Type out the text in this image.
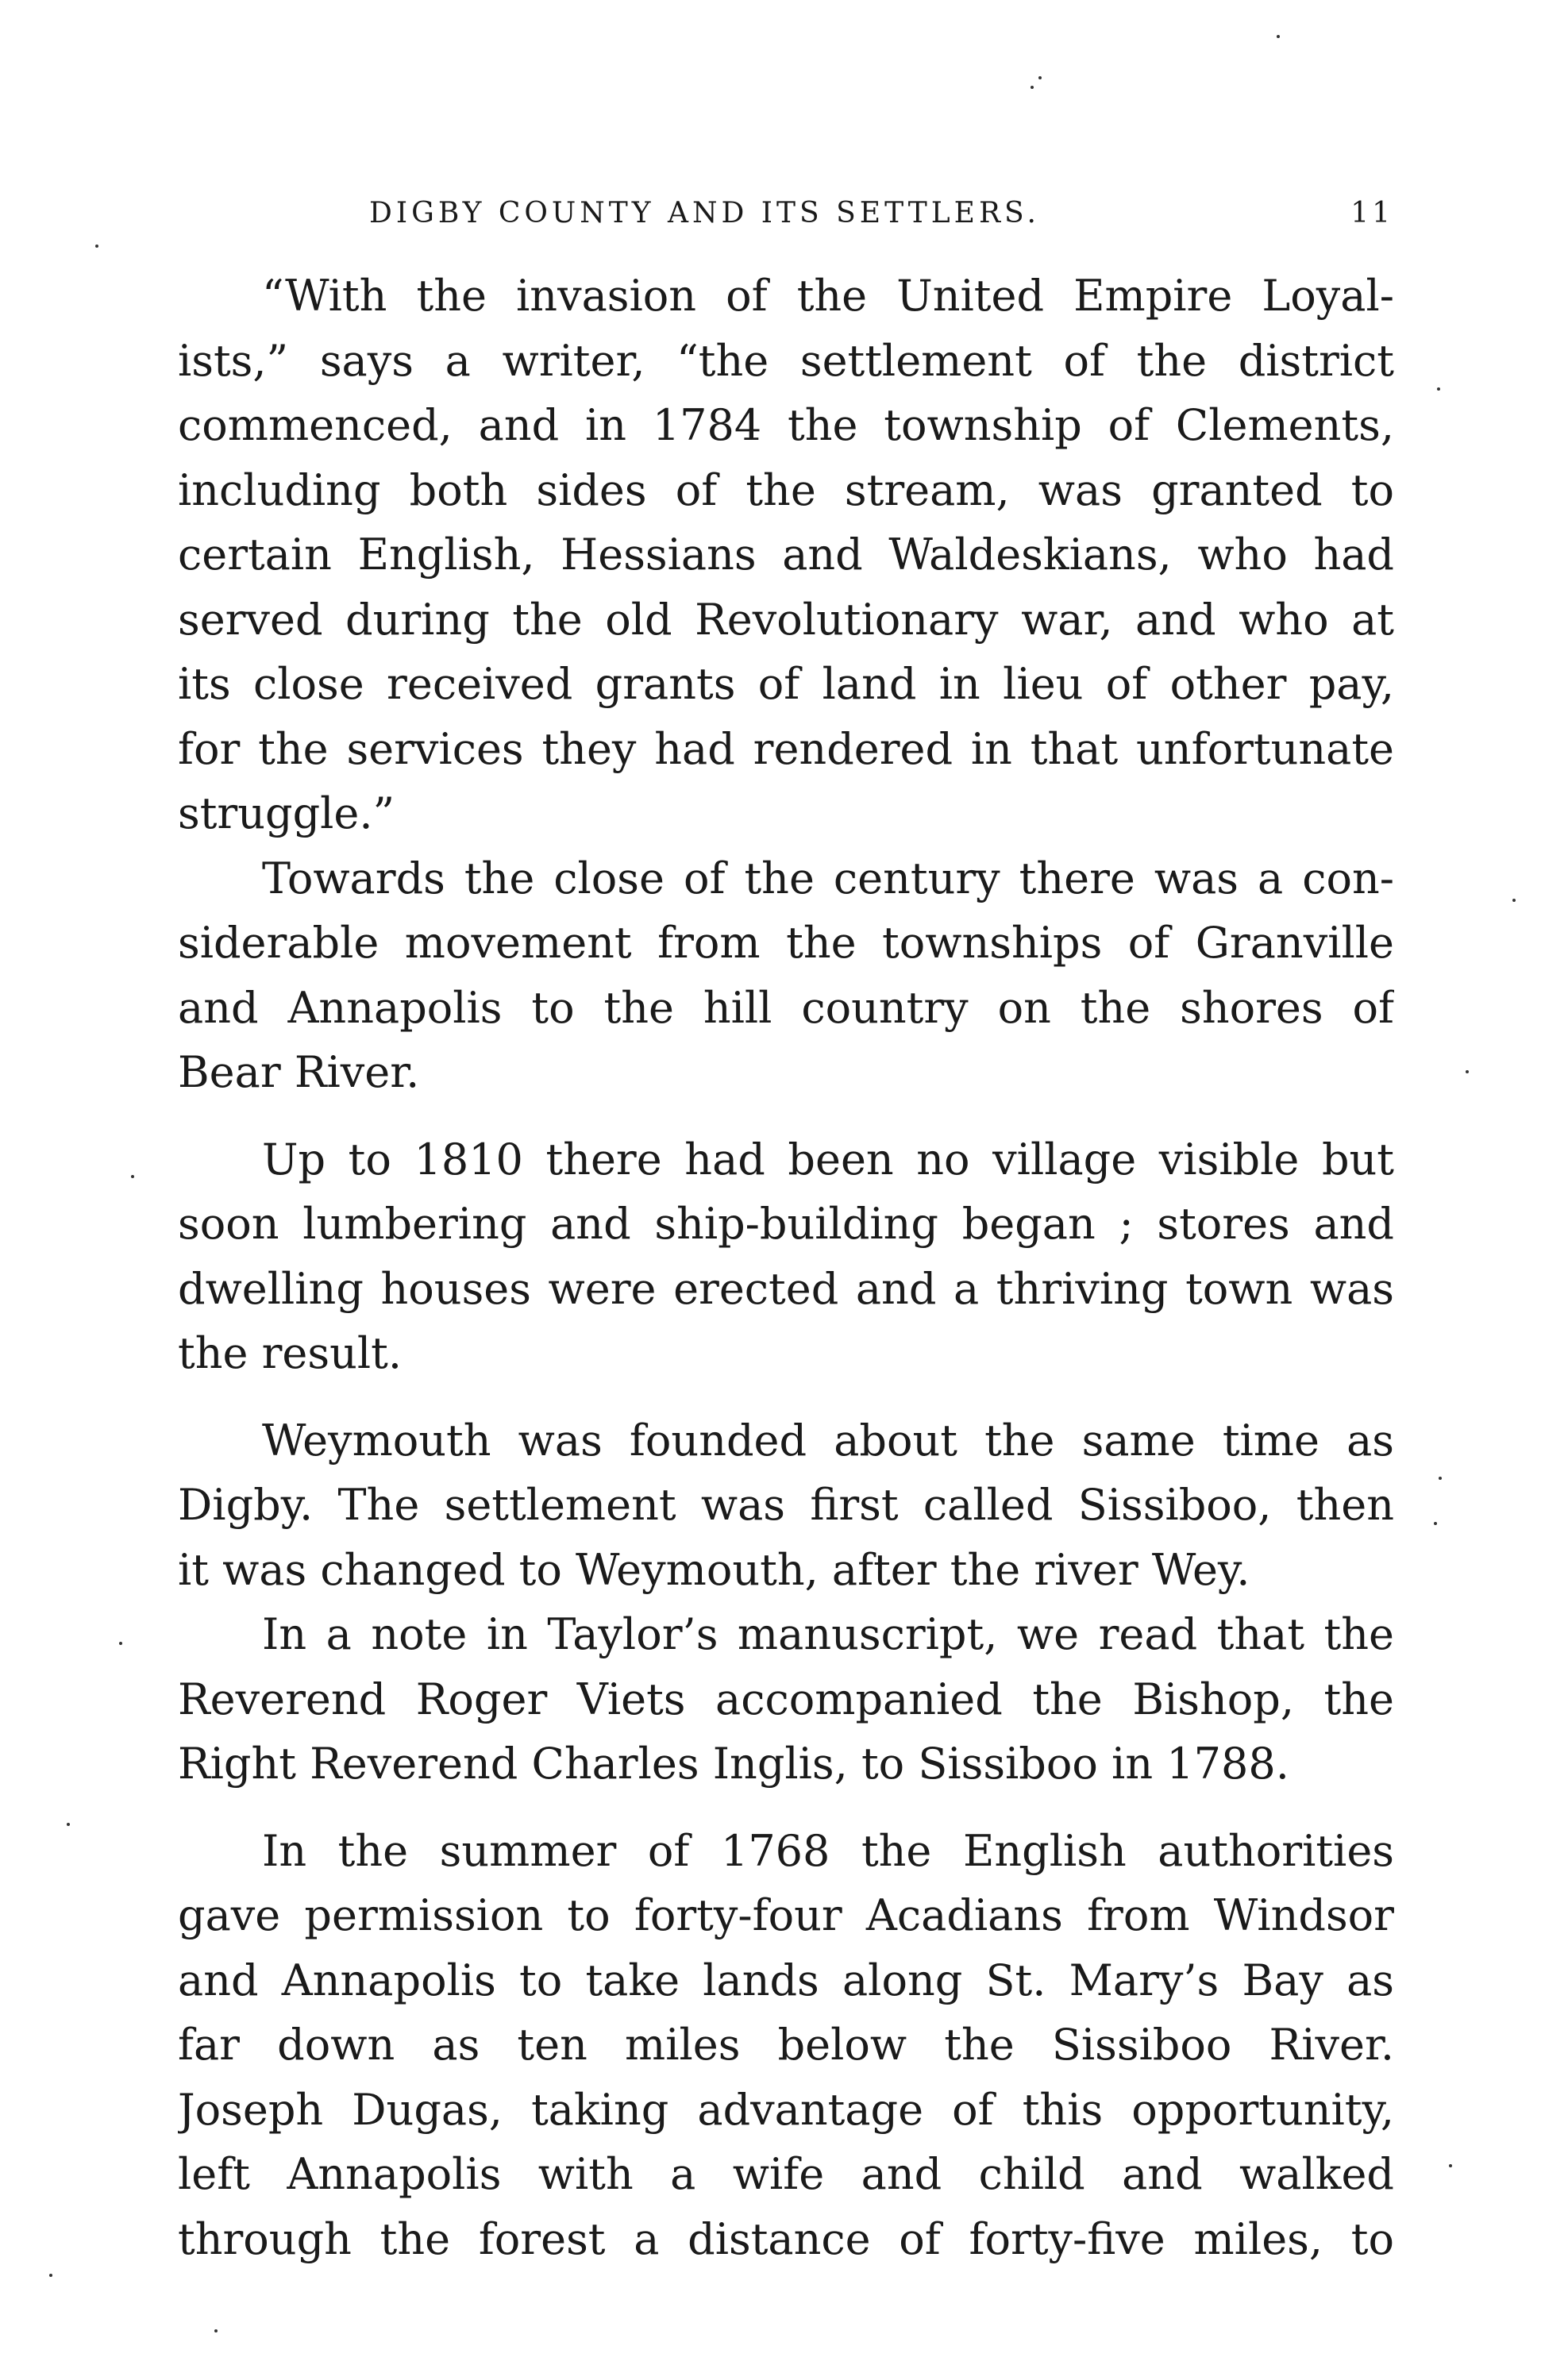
DIGBY COUNTY AND ITS SETTLERS.	11
“With the invasion of the United Empire Loyal-
ists,” says a writer, “the settlement of the district
commenced, and in 1784 the township of Clements,
including both sides of the stream, was granted to
certain English, Hessians and Waldeskians, who had
served during the old Revolutionary war, and who at
its close received grants of land in lieu of other pay,
for the services they had rendered in that unfortunate
struggle.”
Towards the close of the century there was a con-
siderable movement from the townships of Granville
and Annapolis to the hill country on the shores of
Bear River.
Up to 1810 there had been no village visible but
soon lumbering and ship-building began ; stores and
dwelling houses were erected and a thriving town was
the result.
Weymouth was founded about the same time as
Digby. The settlement was first called Sissiboo, then
it was changed to Weymouth, after the river Wey.
In a note in Taylor’s manuscript, we read that the
Reverend Roger Viets accompanied the Bishop, the
Right Reverend Charles Inglis, to Sissiboo in 1788.
In the summer of 1768 the English authorities
gave permission to forty-four Acadians from Windsor
and Annapolis to take lands along St. Mary’s Bay as
far down as ten miles below the Sissiboo River.
Joseph Dugas, taking advantage of this opportunity,
left Annapolis with a wife and child and walked
through the forest a distance of forty-five miles, to
